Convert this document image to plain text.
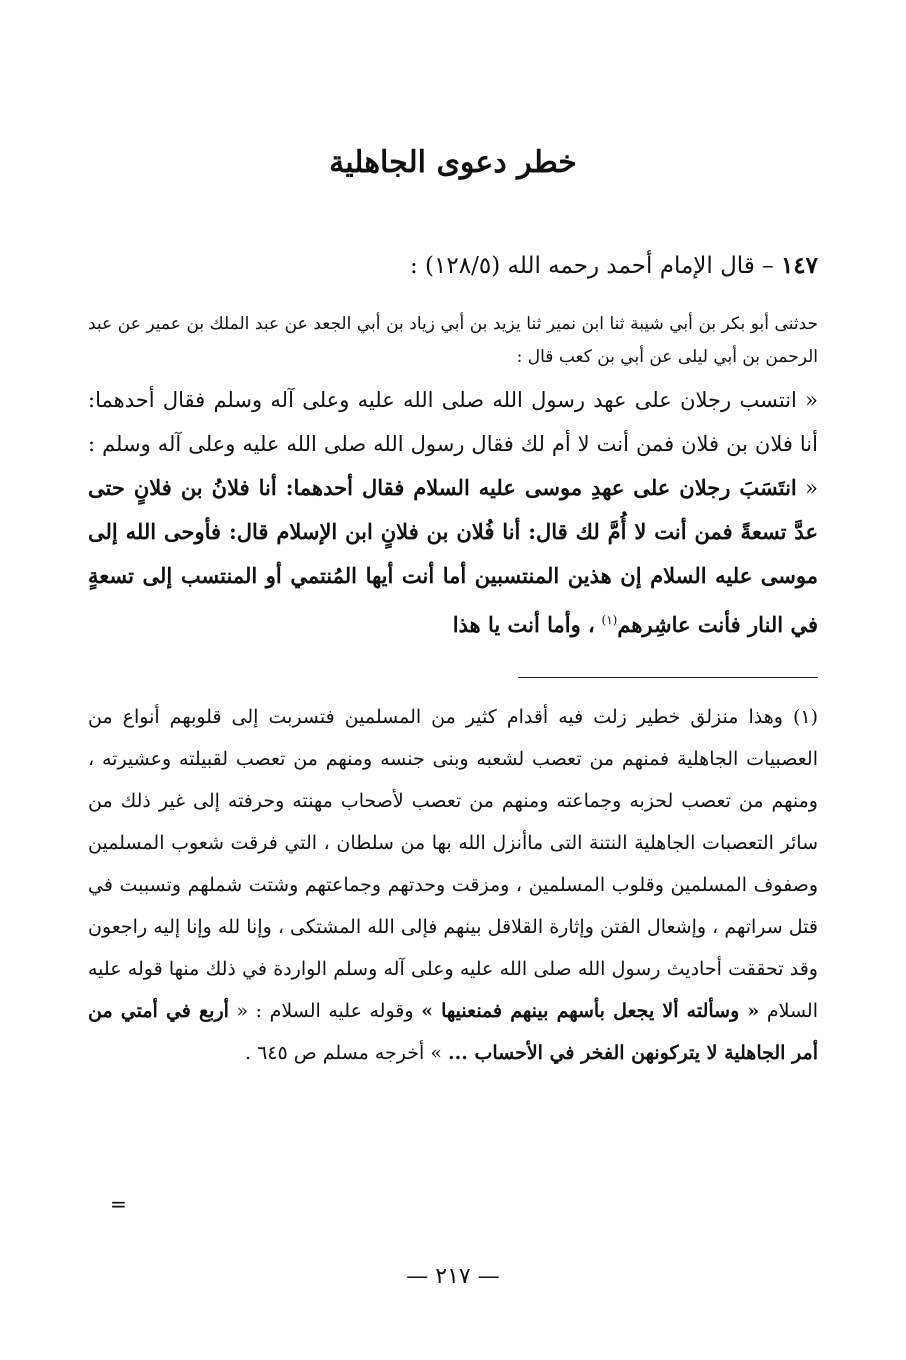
خطر دعوى الجاهلية
١٤٧ – قال الإمام أحمد رحمه الله (١٢٨/٥) :
حدثنى أبو بكر بن أبي شيبة ثنا ابن نمير ثنا يزيد بن أبي زياد بن أبي الجعد عن عبد الملك بن عمير عن عبد الرحمن بن أبي ليلى عن أبي بن كعب قال :
« انتسب رجلان على عهد رسول الله صلى الله عليه وعلى آله وسلم فقال أحدهما: أنا فلان بن فلان فمن أنت لا أم لك فقال رسول الله صلى الله عليه وعلى آله وسلم : « انتَسَبَ رجلان على عهدِ موسى عليه السلام فقال أحدهما: أنا فلانُ بن فلانٍ حتى عدَّ تسعةً فمن أنت لا أُمَّ لك قال: أنا فُلان بن فلانٍ ابن الإسلام قال: فأوحى الله إلى موسى عليه السلام إن هذين المنتسبين أما أنت أيها المُنتمي أو المنتسب إلى تسعةٍ في النار فأنت عاشِرهم$^{(١)}$ ، وأما أنت يا هذا
(١) وهذا منزلق خطير زلت فيه أقدام كثير من المسلمين فتسربت إلى قلوبهم أنواع من العصبيات الجاهلية فمنهم من تعصب لشعبه وبنى جنسه ومنهم من تعصب لقبيلته وعشيرته ، ومنهم من تعصب لحزبه وجماعته ومنهم من تعصب لأصحاب مهنته وحرفته إلى غير ذلك من سائر التعصبات الجاهلية النتنة التى ماأنزل الله بها من سلطان ، التي فرقت شعوب المسلمين وصفوف المسلمين وقلوب المسلمين ، ومزقت وحدتهم وجماعتهم وشتت شملهم وتسببت في قتل سراتهم ، وإشعال الفتن وإثارة القلاقل بينهم فإلى الله المشتكى ، وإنا لله وإنا إليه راجعون وقد تحققت أحاديث رسول الله صلى الله عليه وعلى آله وسلم الواردة في ذلك منها قوله عليه السلام « وسألته ألا يجعل بأسهم بينهم فمنعنيها » وقوله عليه السلام : « أربع في أمتي من أمر الجاهلية لا يتركونهن الفخر في الأحساب ... » أخرجه مسلم ص ٦٤٥ .
=
— ٢١٧ —
